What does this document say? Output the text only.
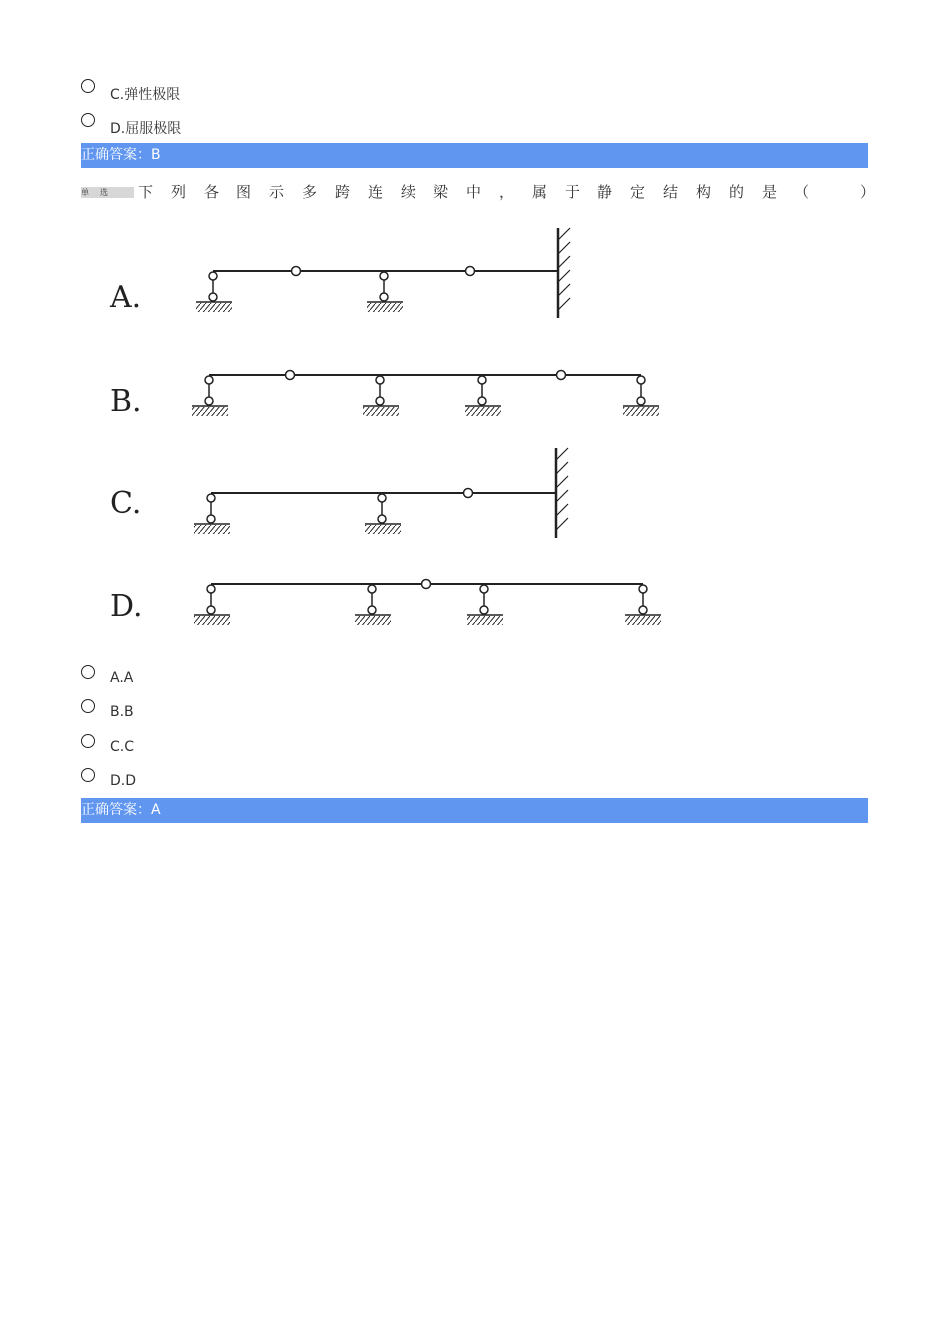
C.弹性极限
D.屈服极限
正确答案：B
单选	下 列 各 图 示 多 跨 连 续 梁 中 ， 属 于 静 定 结 构 的 是 （
　	）
A.
B.
C.
D.
A.A
B.B
C.C
D.D
正确答案：A
